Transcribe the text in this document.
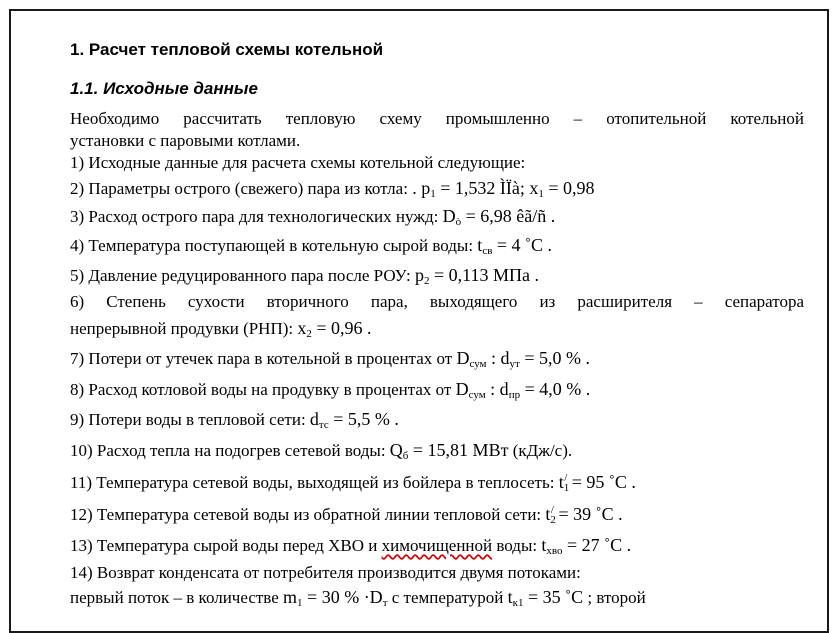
1. Расчет тепловой схемы котельной
1.1. Исходные данные
Необходимо рассчитать тепловую схему промышленно – отопительной котельной
установки с паровыми котлами.
1) Исходные данные для расчета схемы котельной следующие:
2) Параметры острого (свежего) пара из котла: . $p_1 = 1,532$ ÌÏà; $x_1 = 0,98$
3) Расход острого пара для технологических нужд: $D_ò = 6,98$ êã/ñ .
4) Температура поступающей в котельную сырой воды: $t_{св} = 4$ ˚C .
5) Давление редуцированного пара после РОУ: $p_2 = 0,113$ МПа .
6) Степень сухости вторичного пара, выходящего из расширителя – сепаратора
непрерывной продувки (РНП): $x_2 = 0,96$ .
7) Потери от утечек пара в котельной в процентах от $D_{сум}$ : $d_{ут} = 5,0$ % .
8) Расход котловой воды на продувку в процентах от $D_{сум}$ : $d_{пр} = 4,0$ % .
9) Потери воды в тепловой сети: $d_{тс} = 5,5$ % .
10) Расход тепла на подогрев сетевой воды: $Q_б = 15,81$ МВт (кДж/с).
11) Температура сетевой воды, выходящей из бойлера в теплосеть: $t_1^/ = 95$ ˚C .
12) Температура сетевой воды из обратной линии тепловой сети: $t_2^/ = 39$ ˚C .
13) Температура сырой воды перед ХВО и химочищенной воды: $t_{хво} = 27$ ˚C .
14) Возврат конденсата от потребителя производится двумя потоками:
первый поток – в количестве $m_1 = 30$ % $\cdot D_т$ с температурой $t_{к1} = 35$ ˚C ; второй
